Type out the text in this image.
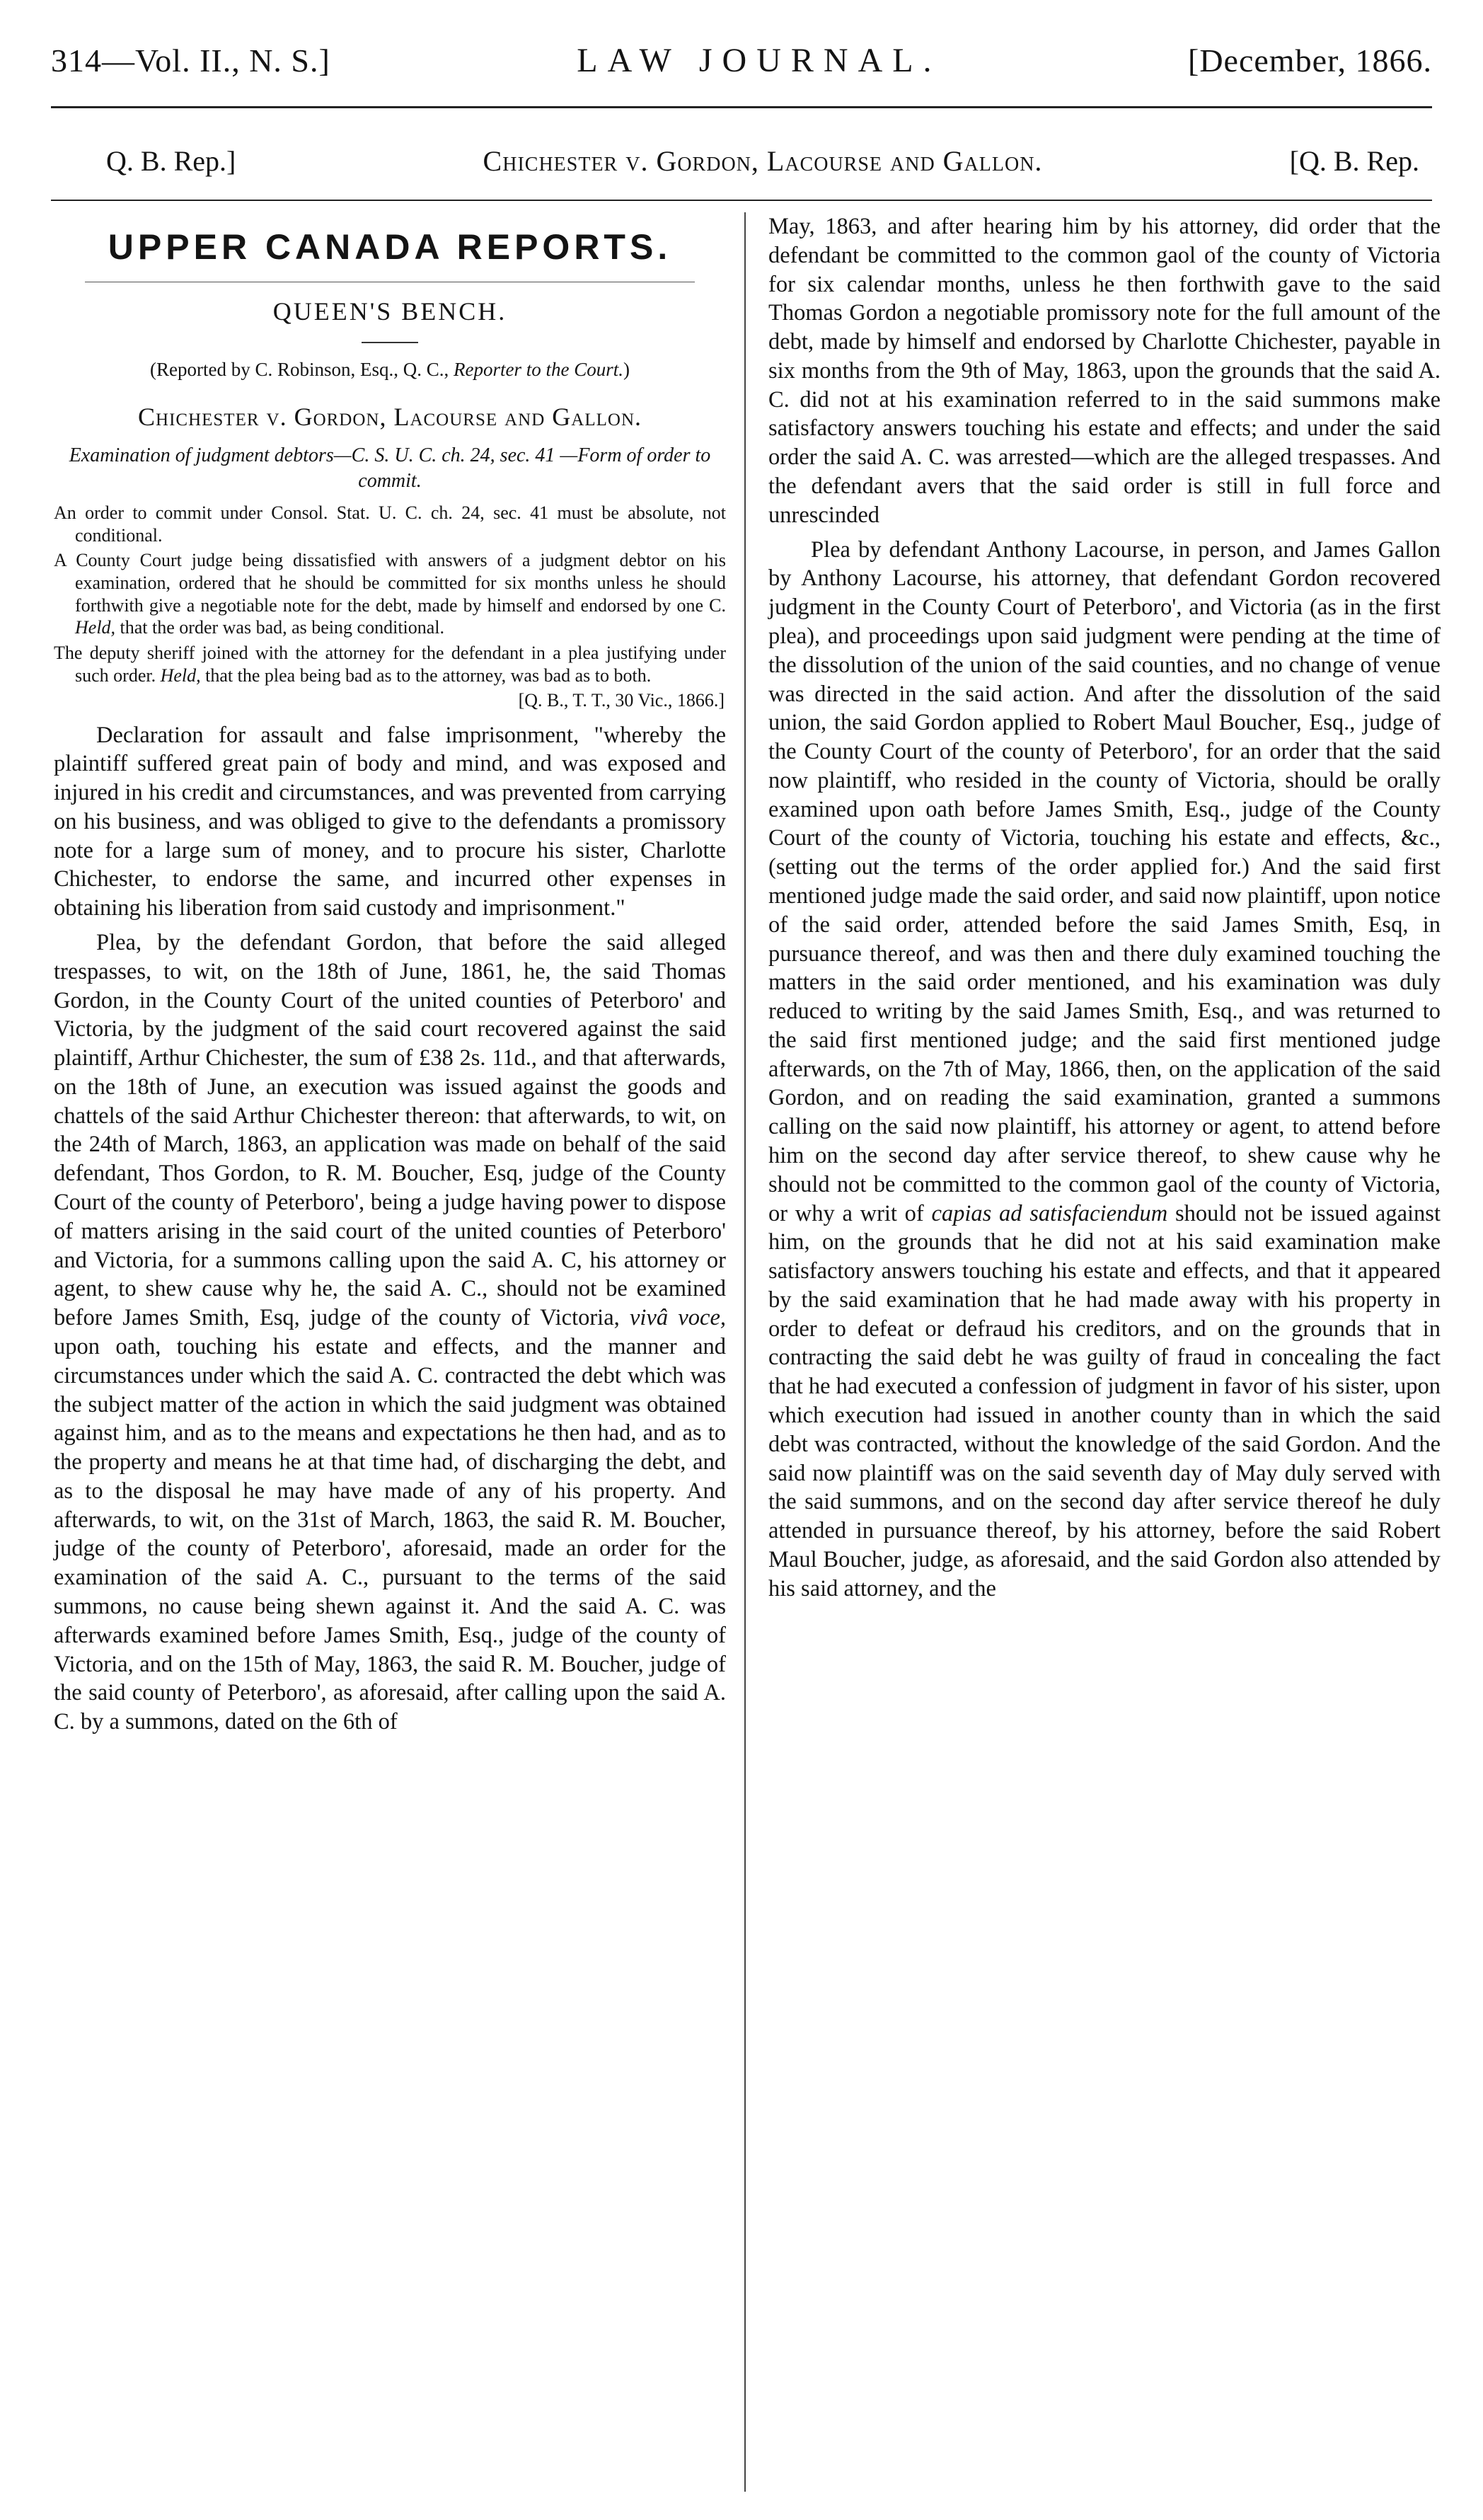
314—Vol. II., N. S.]	LAW JOURNAL.	[December, 1866.
Q. B. Rep.]	Chichester v. Gordon, Lacourse and Gallon.	[Q. B. Rep.
UPPER CANADA REPORTS.
QUEEN'S BENCH.
(Reported by C. Robinson, Esq., Q. C., Reporter to the Court.)
Chichester v. Gordon, Lacourse and Gallon.
Examination of judgment debtors—C. S. U. C. ch. 24, sec. 41 —Form of order to commit.
An order to commit under Consol. Stat. U. C. ch. 24, sec. 41 must be absolute, not conditional.
A County Court judge being dissatisfied with answers of a judgment debtor on his examination, ordered that he should be committed for six months unless he should forthwith give a negotiable note for the debt, made by himself and endorsed by one C. Held, that the order was bad, as being conditional.
The deputy sheriff joined with the attorney for the defendant in a plea justifying under such order. Held, that the plea being bad as to the attorney, was bad as to both.
[Q. B., T. T., 30 Vic., 1866.]

Declaration for assault and false imprisonment, "whereby the plaintiff suffered great pain of body and mind, and was exposed and injured in his credit and circumstances, and was prevented from carrying on his business, and was obliged to give to the defendants a promissory note for a large sum of money, and to procure his sister, Charlotte Chichester, to endorse the same, and incurred other expenses in obtaining his liberation from said custody and imprisonment."

Plea, by the defendant Gordon, that before the said alleged trespasses, to wit, on the 18th of June, 1861, he, the said Thomas Gordon, in the County Court of the united counties of Peterboro' and Victoria, by the judgment of the said court recovered against the said plaintiff, Arthur Chichester, the sum of £38 2s. 11d., and that afterwards, on the 18th of June, an execution was issued against the goods and chattels of the said Arthur Chichester thereon: that afterwards, to wit, on the 24th of March, 1863, an application was made on behalf of the said defendant, Thos Gordon, to R. M. Boucher, Esq, judge of the County Court of the county of Peterboro', being a judge having power to dispose of matters arising in the said court of the united counties of Peterboro' and Victoria, for a summons calling upon the said A. C, his attorney or agent, to shew cause why he, the said A. C., should not be examined before James Smith, Esq, judge of the county of Victoria, vivâ voce, upon oath, touching his estate and effects, and the manner and circumstances under which the said A. C. contracted the debt which was the subject matter of the action in which the said judgment was obtained against him, and as to the means and expectations he then had, and as to the property and means he at that time had, of discharging the debt, and as to the disposal he may have made of any of his property. And afterwards, to wit, on the 31st of March, 1863, the said R. M. Boucher, judge of the county of Peterboro', aforesaid, made an order for the examination of the said A. C., pursuant to the terms of the said summons, no cause being shewn against it. And the said A. C. was afterwards examined before James Smith, Esq., judge of the county of Victoria, and on the 15th of May, 1863, the said R. M. Boucher, judge of the said county of Peterboro', as aforesaid, after calling upon the said A. C. by a summons, dated on the 6th of

May, 1863, and after hearing him by his attorney, did order that the defendant be committed to the common gaol of the county of Victoria for six calendar months, unless he then forthwith gave to the said Thomas Gordon a negotiable promissory note for the full amount of the debt, made by himself and endorsed by Charlotte Chichester, payable in six months from the 9th of May, 1863, upon the grounds that the said A. C. did not at his examination referred to in the said summons make satisfactory answers touching his estate and effects; and under the said order the said A. C. was arrested—which are the alleged trespasses. And the defendant avers that the said order is still in full force and unrescinded

Plea by defendant Anthony Lacourse, in person, and James Gallon by Anthony Lacourse, his attorney, that defendant Gordon recovered judgment in the County Court of Peterboro', and Victoria (as in the first plea), and proceedings upon said judgment were pending at the time of the dissolution of the union of the said counties, and no change of venue was directed in the said action. And after the dissolution of the said union, the said Gordon applied to Robert Maul Boucher, Esq., judge of the County Court of the county of Peterboro', for an order that the said now plaintiff, who resided in the county of Victoria, should be orally examined upon oath before James Smith, Esq., judge of the County Court of the county of Victoria, touching his estate and effects, &c., (setting out the terms of the order applied for.) And the said first mentioned judge made the said order, and said now plaintiff, upon notice of the said order, attended before the said James Smith, Esq, in pursuance thereof, and was then and there duly examined touching the matters in the said order mentioned, and his examination was duly reduced to writing by the said James Smith, Esq., and was returned to the said first mentioned judge; and the said first mentioned judge afterwards, on the 7th of May, 1866, then, on the application of the said Gordon, and on reading the said examination, granted a summons calling on the said now plaintiff, his attorney or agent, to attend before him on the second day after service thereof, to shew cause why he should not be committed to the common gaol of the county of Victoria, or why a writ of capias ad satisfaciendum should not be issued against him, on the grounds that he did not at his said examination make satisfactory answers touching his estate and effects, and that it appeared by the said examination that he had made away with his property in order to defeat or defraud his creditors, and on the grounds that in contracting the said debt he was guilty of fraud in concealing the fact that he had executed a confession of judgment in favor of his sister, upon which execution had issued in another county than in which the said debt was contracted, without the knowledge of the said Gordon. And the said now plaintiff was on the said seventh day of May duly served with the said summons, and on the second day after service thereof he duly attended in pursuance thereof, by his attorney, before the said Robert Maul Boucher, judge, as aforesaid, and the said Gordon also attended by his said attorney, and the
